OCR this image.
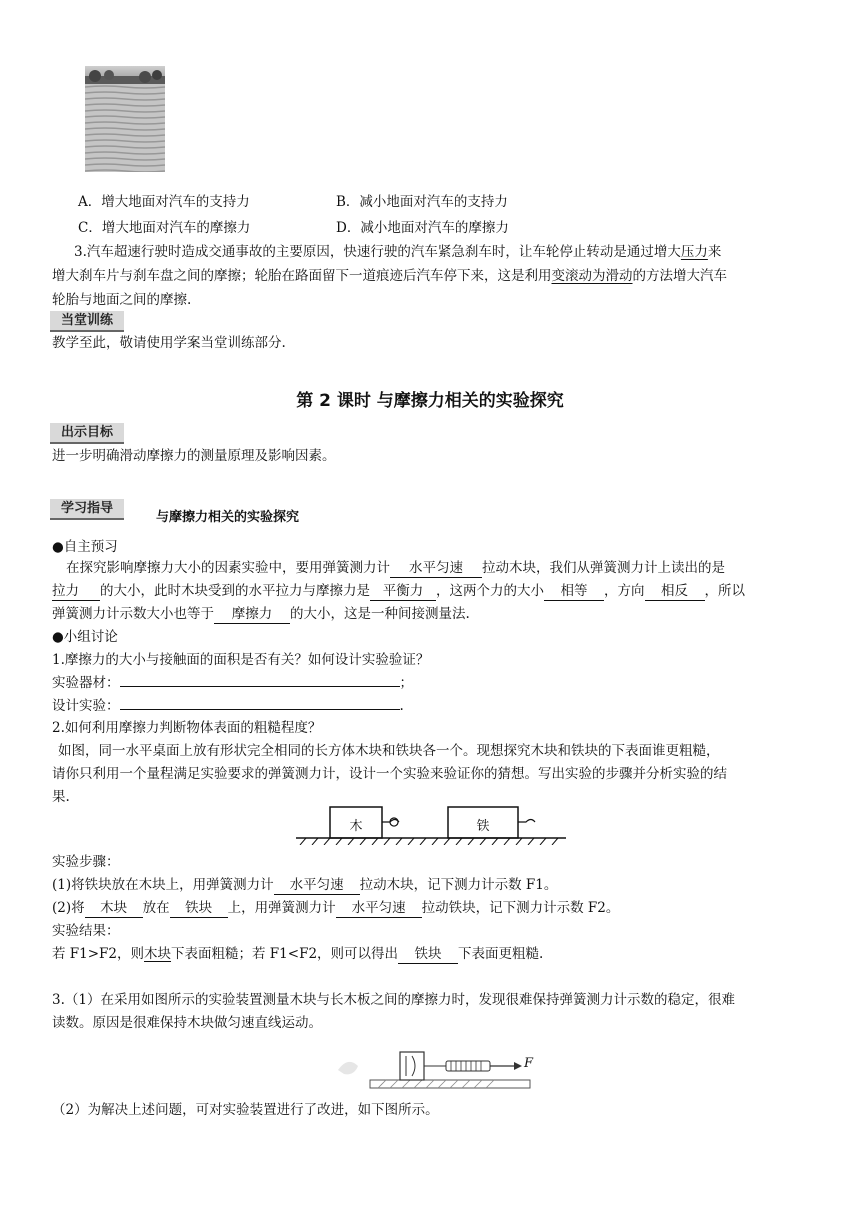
A．增大地面对汽车的支持力	B．减小地面对汽车的支持力
C．增大地面对汽车的摩擦力	D．减小地面对汽车的摩擦力
3.汽车超速行驶时造成交通事故的主要原因，快速行驶的汽车紧急刹车时，让车轮停止转动是通过增大压力来
增大刹车片与刹车盘之间的摩擦；轮胎在路面留下一道痕迹后汽车停下来，这是利用变滚动为滑动的方法增大汽车
轮胎与地面之间的摩擦.
当堂训练
教学至此，敬请使用学案当堂训练部分.
第 2 课时 与摩擦力相关的实验探究
出示目标
进一步明确滑动摩擦力的测量原理及影响因素。
学习指导
与摩擦力相关的实验探究
●自主预习
在探究影响摩擦力大小的因素实验中，要用弹簧测力计 水平匀速 拉动木块，我们从弹簧测力计上读出的是
拉力 的大小，此时木块受到的水平拉力与摩擦力是 平衡力 ，这两个力的大小 相等 ，方向 相反 ，所以
弹簧测力计示数大小也等于 摩擦力 的大小，这是一种间接测量法.
●小组讨论
1.摩擦力的大小与接触面的面积是否有关？如何设计实验验证？
实验器材：	；
设计实验：	.
2.如何利用摩擦力判断物体表面的粗糙程度？
如图，同一水平桌面上放有形状完全相同的长方体木块和铁块各一个。现想探究木块和铁块的下表面谁更粗糙，
请你只利用一个量程满足实验要求的弹簧测力计，设计一个实验来验证你的猜想。写出实验的步骤并分析实验的结
果.
木	铁
实验步骤：
(1)将铁块放在木块上，用弹簧测力计 水平匀速 拉动木块，记下测力计示数 F1。
(2)将 木块 放在 铁块 上，用弹簧测力计 水平匀速 拉动铁块，记下测力计示数 F2。
实验结果：
若 F1>F2，则木块下表面粗糙；若 F1<F2，则可以得出 铁块 下表面更粗糙.
3.（1）在采用如图所示的实验装置测量木块与长木板之间的摩擦力时，发现很难保持弹簧测力计示数的稳定，很难
读数。原因是很难保持木块做匀速直线运动。
F
（2）为解决上述问题，可对实验装置进行了改进，如下图所示。
